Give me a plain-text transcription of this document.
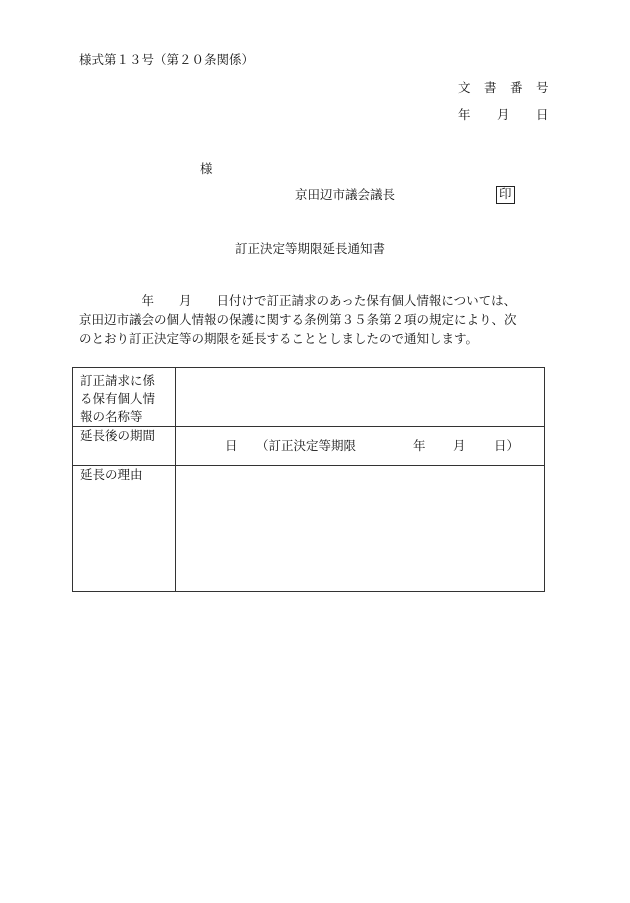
様式第１３号（第２０条関係）
文　書　番　号
年　　月　　日
様
京田辺市議会議長	印
訂正決定等期限延長通知書
　　　　　年　　月　　日付けで訂正請求のあった保有個人情報については、
京田辺市議会の個人情報の保護に関する条例第３５条第２項の規定により、次
のとおり訂正決定等の期限を延長することとしましたので通知します。
訂正請求に係
る保有個人情
報の名称等	

延長後の期間	日 （訂正決定等期限 年 月 日）

延長の理由	
